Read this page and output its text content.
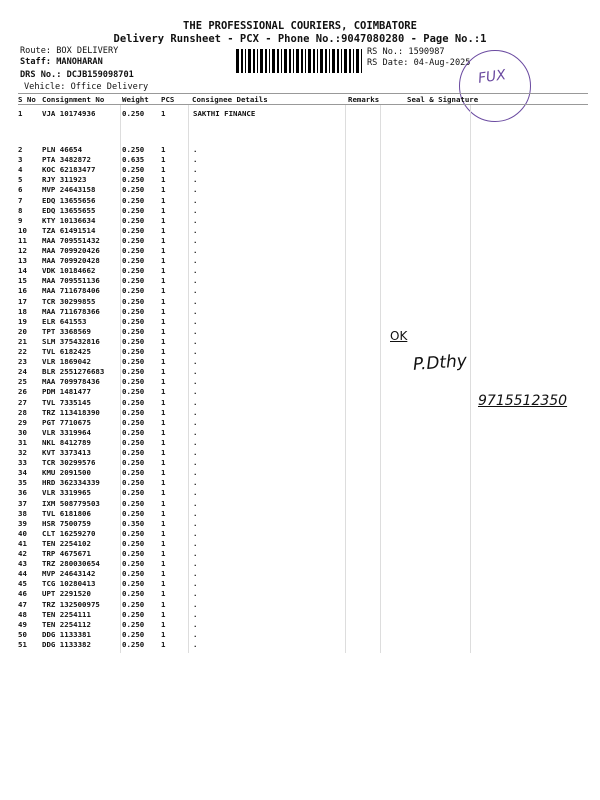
THE PROFESSIONAL COURIERS, COIMBATORE
Delivery Runsheet - PCX - Phone No.:9047080280 - Page No.:1
Route: BOX DELIVERY
Staff: MANOHARAN
DRS No.: DCJB159098701
Vehicle: Office Delivery
RS No.: 1590987
RS Date: 04-Aug-2025
FUX
S No Consignment No Weight PCS Consignee Details	Remarks	Seal & Signature
1	VJA 10174936	0.250 1	SAKTHI FINANCE
2	PLN 46654	0.250 1	.
3	PTA 3482872	0.635 1	.
4	KOC 62183477	0.250 1	.
5	RJY 311923	0.250 1	.
6	MVP 24643158	0.250 1	.
7	EDQ 13655656	0.250 1	.
8	EDQ 13655655	0.250 1	.
9	KTY 10136634	0.250 1	.
10 TZA 61491514	0.250 1	.
11 MAA 709551432	0.250 1	.
12 MAA 709920426	0.250 1	.
13 MAA 709920428	0.250 1	.
14 VDK 10184662	0.250 1	.
15 MAA 709551136	0.250 1	.
16 MAA 711678406	0.250 1	.
17 TCR 30299855	0.250 1	.
18 MAA 711678366	0.250 1	.
19 ELR 641553	0.250 1	.
20 TPT 3368569	0.250 1	.
21 SLM 375432816	0.250 1	.
22 TVL 6182425	0.250 1	.
23 VLR 1869042	0.250 1	.
24 BLR 2551276683 0.250 1	.
25 MAA 709978436	0.250 1	.
26 PDM 1481477	0.250 1	.
27 TVL 7335145	0.250 1	.
28 TRZ 113418390	0.250 1	.
29 PGT 7710675	0.250 1	.
30 VLR 3319964	0.250 1	.
31 NKL 8412789	0.250 1	.
32 KVT 3373413	0.250 1	.
33 TCR 30299576	0.250 1	.
34 KMU 2091500	0.250 1	.
35 HRD 362334339	0.250 1	.
36 VLR 3319965	0.250 1	.
37 IXM 508779503	0.250 1	.
38 TVL 6181806	0.250 1	.
39 HSR 7500759	0.350 1	.
40 CLT 16259270	0.250 1	.
41 TEN 2254102	0.250 1	.
42 TRP 4675671	0.250 1	.
43 TRZ 280030654	0.250 1	.
44 MVP 24643142	0.250 1	.
45 TCG 10280413	0.250 1	.
46 UPT 2291520	0.250 1	.
47 TRZ 132500975	0.250 1	.
48 TEN 2254111	0.250 1	.
49 TEN 2254112	0.250 1	.
50 DDG 1133381	0.250 1	.
51 DDG 1133382	0.250 1	.
OK
P.Dthy
9715512350
